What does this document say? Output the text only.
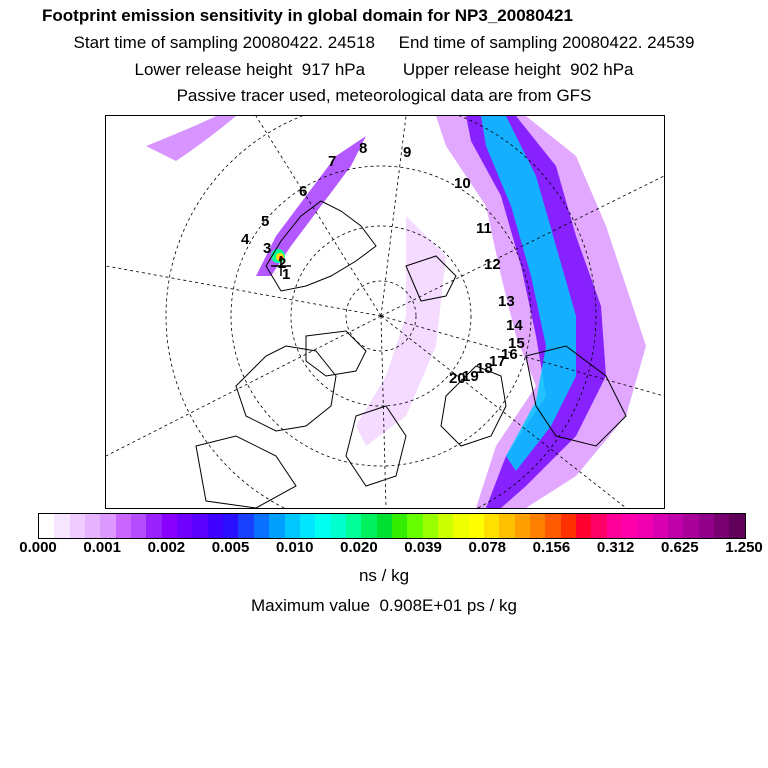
Footprint emission sensitivity in global domain for NP3_20080421
Start time of sampling 20080422. 24518     End time of sampling 20080422. 24539
Lower release height  917 hPa        Upper release height  902 hPa
Passive tracer used, meteorological data are from GFS
1
2
3
4
5
6
7
8 9
10
11
12
13
14
15
16
17
18
19
20
0.000 0.001 0.002 0.005 0.010 0.020 0.039 0.078 0.156 0.312 0.625 1.250
ns / kg
Maximum value  0.908E+01 ps / kg
